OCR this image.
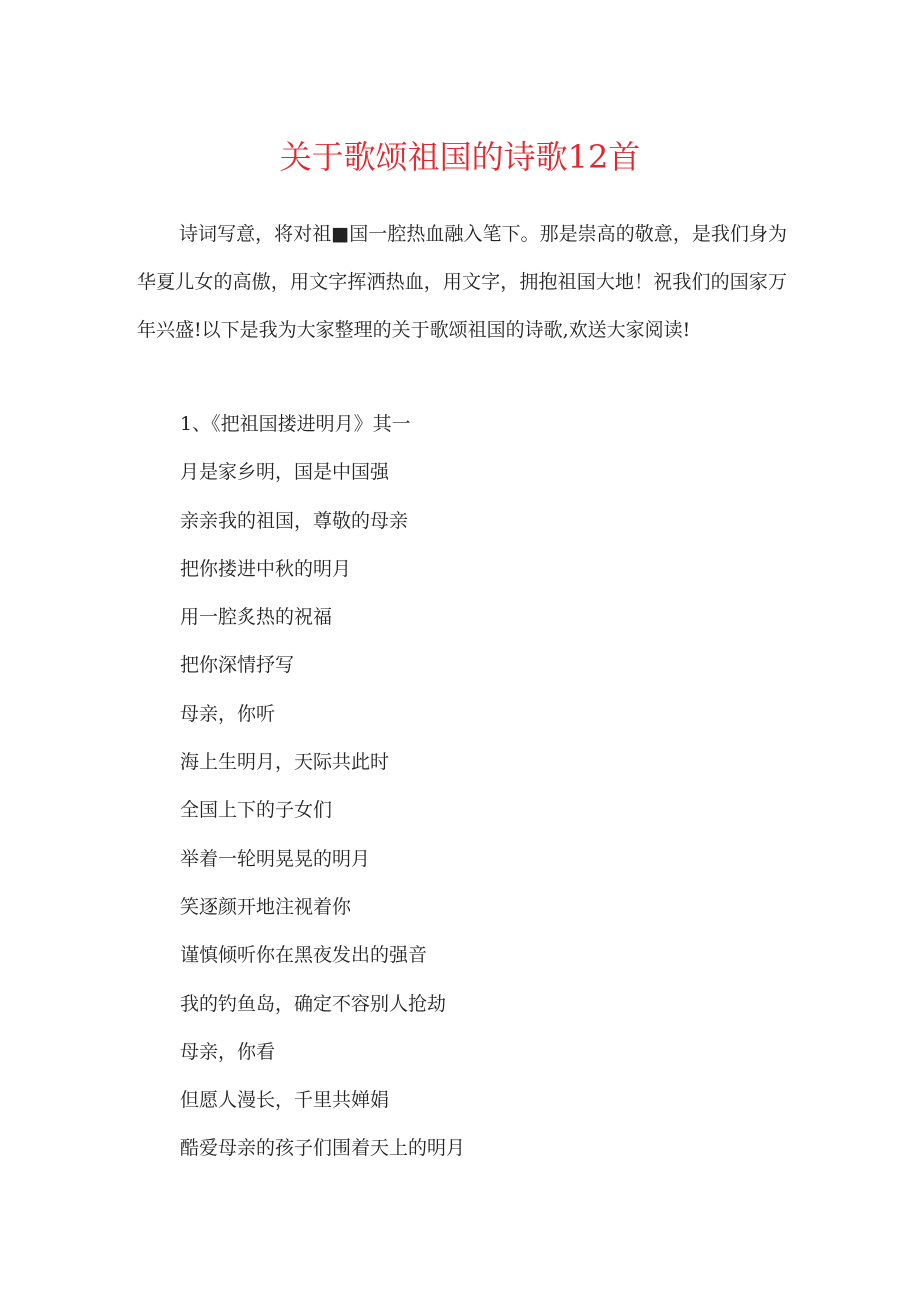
关于歌颂祖国的诗歌12首

诗词写意，将对祖■国一腔热血融入笔下。那是崇高的敬意，是我们身为华夏儿女的高傲，用文字挥洒热血，用文字，拥抱祖国大地！祝我们的国家万年兴盛!以下是我为大家整理的关于歌颂祖国的诗歌,欢送大家阅读!

1、《把祖国搂进明月》其一
月是家乡明，国是中国强
亲亲我的祖国，尊敬的母亲
把你搂进中秋的明月
用一腔炙热的祝福
把你深情抒写
母亲，你听
海上生明月，天际共此时
全国上下的子女们
举着一轮明晃晃的明月
笑逐颜开地注视着你
谨慎倾听你在黑夜发出的强音
我的钓鱼岛，确定不容别人抢劫
母亲，你看
但愿人漫长，千里共婵娟
酷爱母亲的孩子们围着天上的明月
